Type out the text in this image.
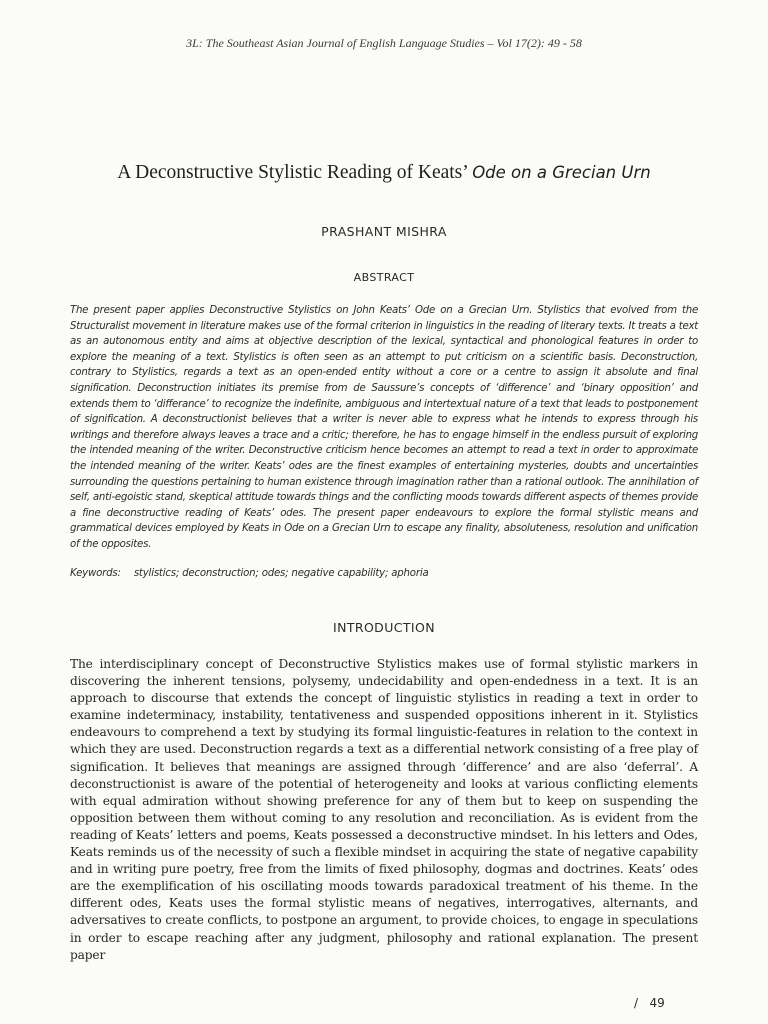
3L: The Southeast Asian Journal of English Language Studies – Vol 17(2): 49 - 58
A Deconstructive Stylistic Reading of Keats’ Ode on a Grecian Urn
PRASHANT MISHRA
ABSTRACT
The present paper applies Deconstructive Stylistics on John Keats’ Ode on a Grecian Urn. Stylistics that evolved from the Structuralist movement in literature makes use of the formal criterion in linguistics in the reading of literary texts. It treats a text as an autonomous entity and aims at objective description of the lexical, syntactical and phonological features in order to explore the meaning of a text. Stylistics is often seen as an attempt to put criticism on a scientific basis. Deconstruction, contrary to Stylistics, regards a text as an open-ended entity without a core or a centre to assign it absolute and final signification. Deconstruction initiates its premise from de Saussure’s concepts of ‘difference’ and ‘binary opposition’ and extends them to ‘differance’ to recognize the indefinite, ambiguous and intertextual nature of a text that leads to postponement of signification. A deconstructionist believes that a writer is never able to express what he intends to express through his writings and therefore always leaves a trace and a critic; therefore, he has to engage himself in the endless pursuit of exploring the intended meaning of the writer. Deconstructive criticism hence becomes an attempt to read a text in order to approximate the intended meaning of the writer. Keats’ odes are the finest examples of entertaining mysteries, doubts and uncertainties surrounding the questions pertaining to human existence through imagination rather than a rational outlook. The annihilation of self, anti-egoistic stand, skeptical attitude towards things and the conflicting moods towards different aspects of themes provide a fine deconstructive reading of Keats’ odes. The present paper endeavours to explore the formal stylistic means and grammatical devices employed by Keats in Ode on a Grecian Urn to escape any finality, absoluteness, resolution and unification of the opposites.
Keywords: stylistics; deconstruction; odes; negative capability; aphoria
INTRODUCTION
The interdisciplinary concept of Deconstructive Stylistics makes use of formal stylistic markers in discovering the inherent tensions, polysemy, undecidability and open-endedness in a text. It is an approach to discourse that extends the concept of linguistic stylistics in reading a text in order to examine indeterminacy, instability, tentativeness and suspended oppositions inherent in it. Stylistics endeavours to comprehend a text by studying its formal linguistic-features in relation to the context in which they are used. Deconstruction regards a text as a differential network consisting of a free play of signification. It believes that meanings are assigned through ‘difference’ and are also ‘deferral’. A deconstructionist is aware of the potential of heterogeneity and looks at various conflicting elements with equal admiration without showing preference for any of them but to keep on suspending the opposition between them without coming to any resolution and reconciliation. As is evident from the reading of Keats’ letters and poems, Keats possessed a deconstructive mindset. In his letters and Odes, Keats reminds us of the necessity of such a flexible mindset in acquiring the state of negative capability and in writing pure poetry, free from the limits of fixed philosophy, dogmas and doctrines. Keats’ odes are the exemplification of his oscillating moods towards paradoxical treatment of his theme. In the different odes, Keats uses the formal stylistic means of negatives, interrogatives, alternants, and adversatives to create conflicts, to postpone an argument, to provide choices, to engage in speculations in order to escape reaching after any judgment, philosophy and rational explanation. The present paper
/   49
